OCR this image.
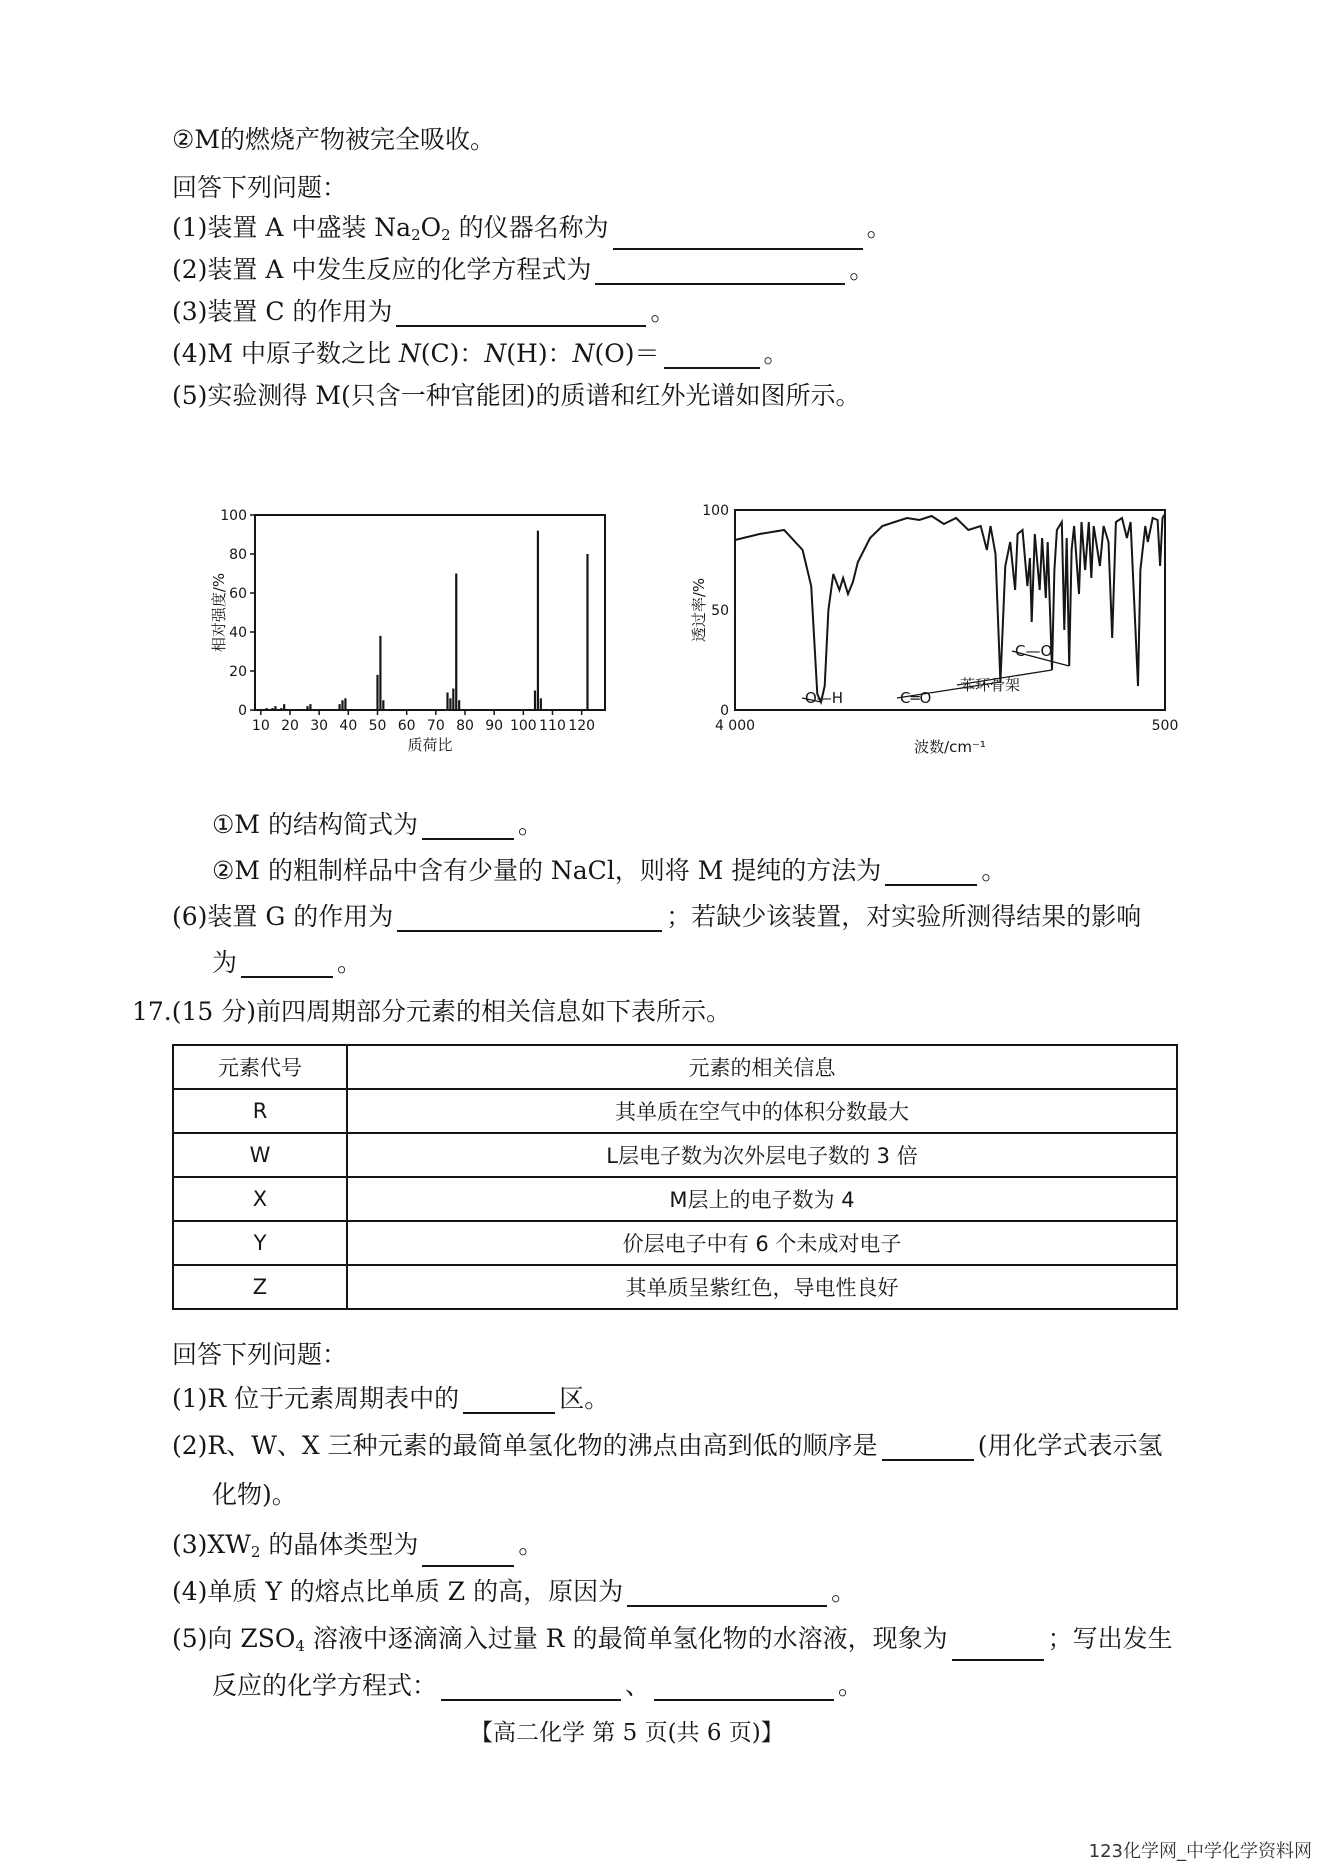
②M的燃烧产物被完全吸收。
回答下列问题：
(1)装置 A 中盛装 $Na_2O_2$ 的仪器名称为	。
(2)装置 A 中发生反应的化学方程式为	。
(3)装置 C 的作用为	。
(4)M 中原子数之比 N(C)：N(H)：N(O)＝	。
(5)实验测得 M(只含一种官能团)的质谱和红外光谱如图所示。
0
20
40
60
80
100
10 20 30 40 50 60 70 80 90 100 110 120
质荷比
相对强度/%
0
50
100
4 000	500
O—H	C═O
苯环骨架
C—O
波数/cm⁻¹
透过率/%
①M 的结构简式为	。
②M 的粗制样品中含有少量的 NaCl，则将 M 提纯的方法为	。
(6)装置 G 的作用为	；若缺少该装置，对实验所测得结果的影响
为	。
17.(15 分)前四周期部分元素的相关信息如下表所示。
元素代号	元素的相关信息
R	其单质在空气中的体积分数最大
W	L层电子数为次外层电子数的 3 倍
X	M层上的电子数为 4
Y	价层电子中有 6 个未成对电子
Z	其单质呈紫红色，导电性良好
回答下列问题：
(1)R 位于元素周期表中的	区。
(2)R、W、X 三种元素的最简单氢化物的沸点由高到低的顺序是	(用化学式表示氢
化物)。
$(3)XW_2$ 的晶体类型为	。
(4)单质 Y 的熔点比单质 Z 的高，原因为	。
(5)向 $ZSO_4$ 溶液中逐滴滴入过量 R 的最简单氢化物的水溶液，现象为	；写出发生
反应的化学方程式：	、	。
【高二化学 第 5 页(共 6 页)】
123化学网_中学化学资料网
